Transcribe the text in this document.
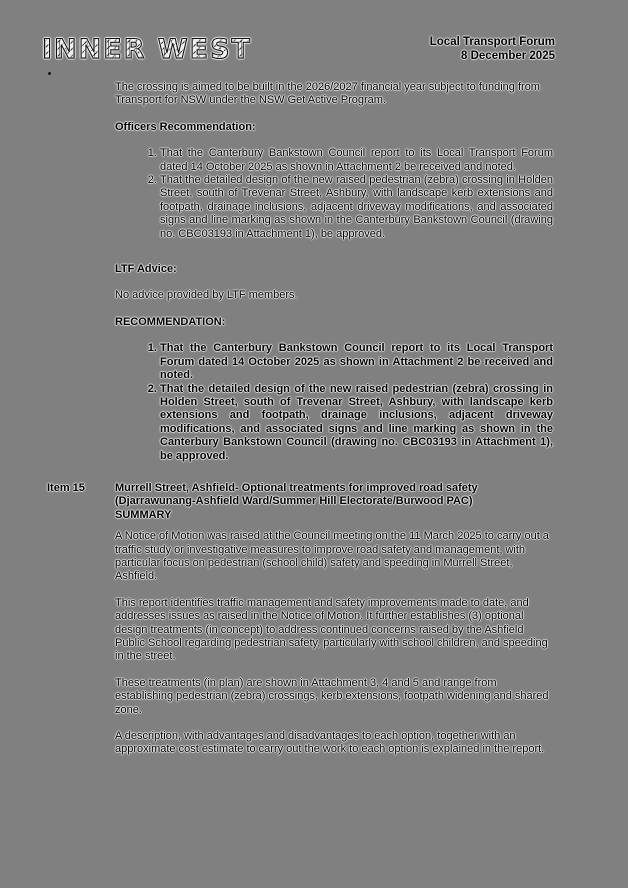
INNER WEST	Local Transport Forum
8 December 2025

The crossing is aimed to be built in the 2026/2027 financial year subject to funding from Transport for NSW under the NSW Get Active Program.

Officers Recommendation:
1. That the Canterbury Bankstown Council report to its Local Transport Forum dated 14 October 2025 as shown in Attachment 2 be received and noted.
2. That the detailed design of the new raised pedestrian (zebra) crossing in Holden Street, south of Trevenar Street, Ashbury, with landscape kerb extensions and footpath, drainage inclusions, adjacent driveway modifications, and associated signs and line marking as shown in the Canterbury Bankstown Council (drawing no. CBC03193 in Attachment 1), be approved.
LTF Advice:

No advice provided by LTF members.

RECOMMENDATION:
1. That the Canterbury Bankstown Council report to its Local Transport Forum dated 14 October 2025 as shown in Attachment 2 be received and noted.
2. That the detailed design of the new raised pedestrian (zebra) crossing in Holden Street, south of Trevenar Street, Ashbury, with landscape kerb extensions and footpath, drainage inclusions, adjacent driveway modifications, and associated signs and line marking as shown in the Canterbury Bankstown Council (drawing no. CBC03193 in Attachment 1), be approved.
Item 15	Murrell Street, Ashfield- Optional treatments for improved road safety
(Djarrawunang-Ashfield Ward/Summer Hill Electorate/Burwood PAC)
SUMMARY

A Notice of Motion was raised at the Council meeting on the 11 March 2025 to carry out a traffic study or investigative measures to improve road safety and management, with particular focus on pedestrian (school child) safety and speeding in Murrell Street, Ashfield.

This report identifies traffic management and safety improvements made to date, and addresses issues as raised in the Notice of Motion. It further establishes (3) optional design treatments (in concept) to address continued concerns raised by the Ashfield Public School regarding pedestrian safety, particularly with school children, and speeding in the street.

These treatments (in plan) are shown in Attachment 3, 4 and 5 and range from establishing pedestrian (zebra) crossings, kerb extensions, footpath widening and shared zone.

A description, with advantages and disadvantages to each option, together with an approximate cost estimate to carry out the work to each option is explained in the report.
